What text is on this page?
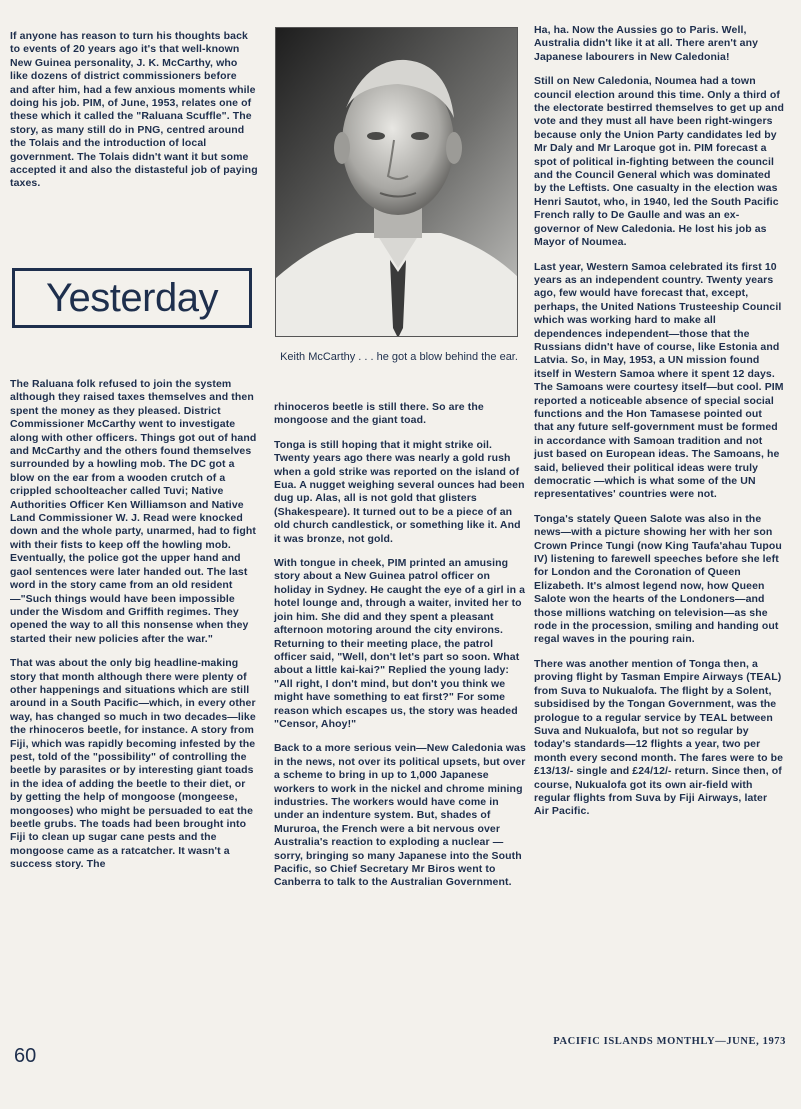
If anyone has reason to turn his thoughts back to events of 20 years ago it's that well-known New Guinea personality, J. K. McCarthy, who like dozens of district commissioners before and after him, had a few anxious moments while doing his job. PIM, of June, 1953, relates one of these which it called the "Raluana Scuffle". The story, as many still do in PNG, centred around the Tolais and the introduction of local government. The Tolais didn't want it but some accepted it and also the distasteful job of paying taxes.

Yesterday

The Raluana folk refused to join the system although they raised taxes themselves and then spent the money as they pleased. District Commissioner McCarthy went to investigate along with other officers. Things got out of hand and McCarthy and the others found themselves surrounded by a howling mob. The DC got a blow on the ear from a wooden crutch of a crippled schoolteacher called Tuvi; Native Authorities Officer Ken Williamson and Native Land Commissioner W. J. Read were knocked down and the whole party, unarmed, had to fight with their fists to keep off the howling mob. Eventually, the police got the upper hand and gaol sentences were later handed out. The last word in the story came from an old resident—"Such things would have been impossible under the Wisdom and Griffith regimes. They opened the way to all this nonsense when they started their new policies after the war."

That was about the only big headline-making story that month although there were plenty of other happenings and situations which are still around in a South Pacific—which, in every other way, has changed so much in two decades—like the rhinoceros beetle, for instance. A story from Fiji, which was rapidly becoming infested by the pest, told of the "possibility" of controlling the beetle by parasites or by interesting giant toads in the idea of adding the beetle to their diet, or by getting the help of mongoose (mongeese, mongooses) who might be persuaded to eat the beetle grubs. The toads had been brought into Fiji to clean up sugar cane pests and the mongoose came as a ratcatcher. It wasn't a success story. The

Keith McCarthy . . . he got a blow behind the ear.

rhinoceros beetle is still there. So are the mongoose and the giant toad.

Tonga is still hoping that it might strike oil. Twenty years ago there was nearly a gold rush when a gold strike was reported on the island of Eua. A nugget weighing several ounces had been dug up. Alas, all is not gold that glisters (Shakespeare). It turned out to be a piece of an old church candlestick, or something like it. And it was bronze, not gold.

With tongue in cheek, PIM printed an amusing story about a New Guinea patrol officer on holiday in Sydney. He caught the eye of a girl in a hotel lounge and, through a waiter, invited her to join him. She did and they spent a pleasant afternoon motoring around the city environs. Returning to their meeting place, the patrol officer said, "Well, don't let's part so soon. What about a little kai-kai?" Replied the young lady: "All right, I don't mind, but don't you think we might have something to eat first?" For some reason which escapes us, the story was headed "Censor, Ahoy!"

Back to a more serious vein—New Caledonia was in the news, not over its political upsets, but over a scheme to bring in up to 1,000 Japanese workers to work in the nickel and chrome mining industries. The workers would have come in under an indenture system. But, shades of Mururoa, the French were a bit nervous over Australia's reaction to exploding a nuclear —sorry, bringing so many Japanese into the South Pacific, so Chief Secretary Mr Biros went to Canberra to talk to the Australian Government.

Ha, ha. Now the Aussies go to Paris. Well, Australia didn't like it at all. There aren't any Japanese labourers in New Caledonia!

Still on New Caledonia, Noumea had a town council election around this time. Only a third of the electorate bestirred themselves to get up and vote and they must all have been right-wingers because only the Union Party candidates led by Mr Daly and Mr Laroque got in. PIM forecast a spot of political in-fighting between the council and the Council General which was dominated by the Leftists. One casualty in the election was Henri Sautot, who, in 1940, led the South Pacific French rally to De Gaulle and was an ex-governor of New Caledonia. He lost his job as Mayor of Noumea.

Last year, Western Samoa celebrated its first 10 years as an independent country. Twenty years ago, few would have forecast that, except, perhaps, the United Nations Trusteeship Council which was working hard to make all dependences independent—those that the Russians didn't have of course, like Estonia and Latvia. So, in May, 1953, a UN mission found itself in Western Samoa where it spent 12 days. The Samoans were courtesy itself—but cool. PIM reported a noticeable absence of special social functions and the Hon Tamasese pointed out that any future self-government must be formed in accordance with Samoan tradition and not just based on European ideas. The Samoans, he said, believed their political ideas were truly democratic —which is what some of the UN representatives' countries were not.

Tonga's stately Queen Salote was also in the news—with a picture showing her with her son Crown Prince Tungi (now King Taufa'ahau Tupou IV) listening to farewell speeches before she left for London and the Coronation of Queen Elizabeth. It's almost legend now, how Queen Salote won the hearts of the Londoners—and those millions watching on television—as she rode in the procession, smiling and handing out regal waves in the pouring rain.

There was another mention of Tonga then, a proving flight by Tasman Empire Airways (TEAL) from Suva to Nukualofa. The flight by a Solent, subsidised by the Tongan Government, was the prologue to a regular service by TEAL between Suva and Nukualofa, but not so regular by today's standards—12 flights a year, two per month every second month. The fares were to be £13/13/- single and £24/12/- return. Since then, of course, Nukualofa got its own air-field with regular flights from Suva by Fiji Airways, later Air Pacific.

60
PACIFIC ISLANDS MONTHLY—JUNE, 1973
